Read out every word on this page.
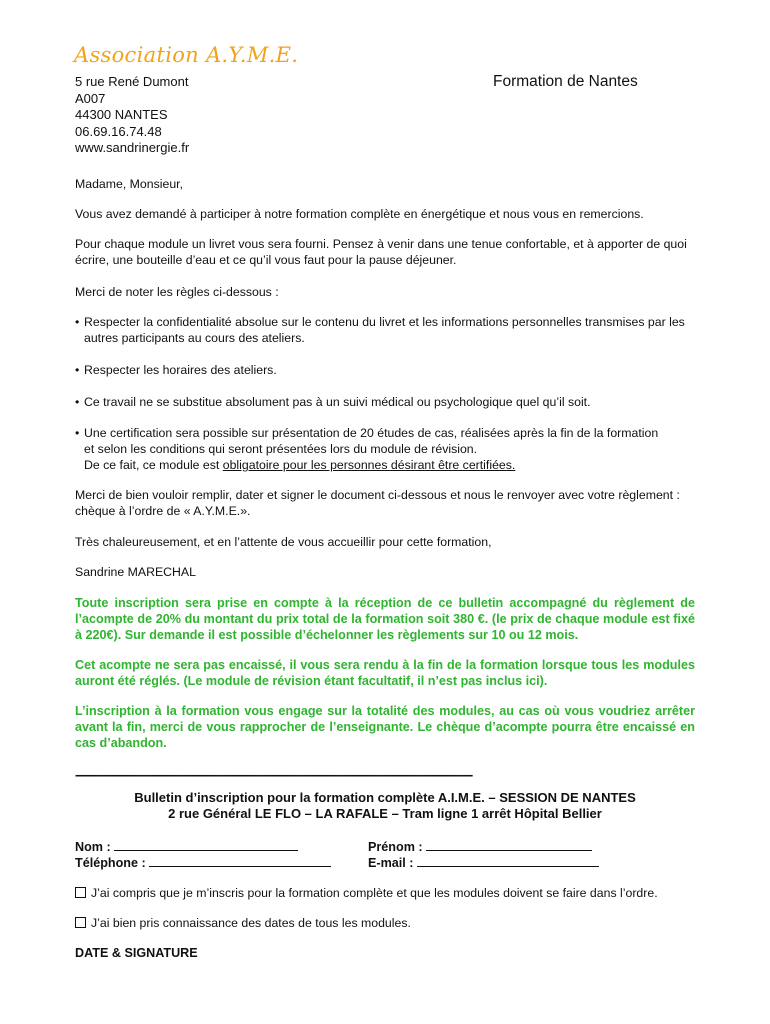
Association A.Y.M.E.
5 rue René Dumont
A007
44300 NANTES
06.69.16.74.48
www.sandrinergie.fr
Formation de Nantes

Madame, Monsieur,

Vous avez demandé à participer à notre formation complète en énergétique et nous vous en remercions.

Pour chaque module un livret vous sera fourni. Pensez à venir dans une tenue confortable, et à apporter de quoi écrire, une bouteille d’eau et ce qu’il vous faut pour la pause déjeuner.

Merci de noter les règles ci-dessous :

• Respecter la confidentialité absolue sur le contenu du livret et les informations personnelles transmises par les autres participants au cours des ateliers.
• Respecter les horaires des ateliers.
• Ce travail ne se substitue absolument pas à un suivi médical ou psychologique quel qu’il soit.
• Une certification sera possible sur présentation de 20 études de cas, réalisées après la fin de la formation
et selon les conditions qui seront présentées lors du module de révision.
De ce fait, ce module est obligatoire pour les personnes désirant être certifiées.

Merci de bien vouloir remplir, dater et signer le document ci-dessous et nous le renvoyer avec votre règlement : chèque à l’ordre de « A.Y.M.E.».

Très chaleureusement, et en l’attente de vous accueillir pour cette formation,

Sandrine MARECHAL

Toute inscription sera prise en compte à la réception de ce bulletin accompagné du règlement de l’acompte de 20% du montant du prix total de la formation soit 380 €. (le prix de chaque module est fixé à 220€). Sur demande il est possible d’échelonner les règlements sur 10 ou 12 mois.

Cet acompte ne sera pas encaissé, il vous sera rendu à la fin de la formation lorsque tous les modules auront été réglés. (Le module de révision étant facultatif, il n’est pas inclus ici).

L’inscription à la formation vous engage sur la totalité des modules, au cas où vous voudriez arrêter avant la fin, merci de vous rapprocher de l’enseignante. Le chèque d’acompte pourra être encaissé en cas d’abandon.

--------------------------------------------------------------------------------------------------------------------------------------
Bulletin d’inscription pour la formation complète A.I.M.E. – SESSION DE NANTES
2 rue Général LE FLO – LA RAFALE – Tram ligne 1 arrêt Hôpital Bellier
Nom :	Prénom :
Téléphone :	E-mail :
J’ai compris que je m’inscris pour la formation complète et que les modules doivent se faire dans l’ordre.
J’ai bien pris connaissance des dates de tous les modules.
DATE & SIGNATURE
